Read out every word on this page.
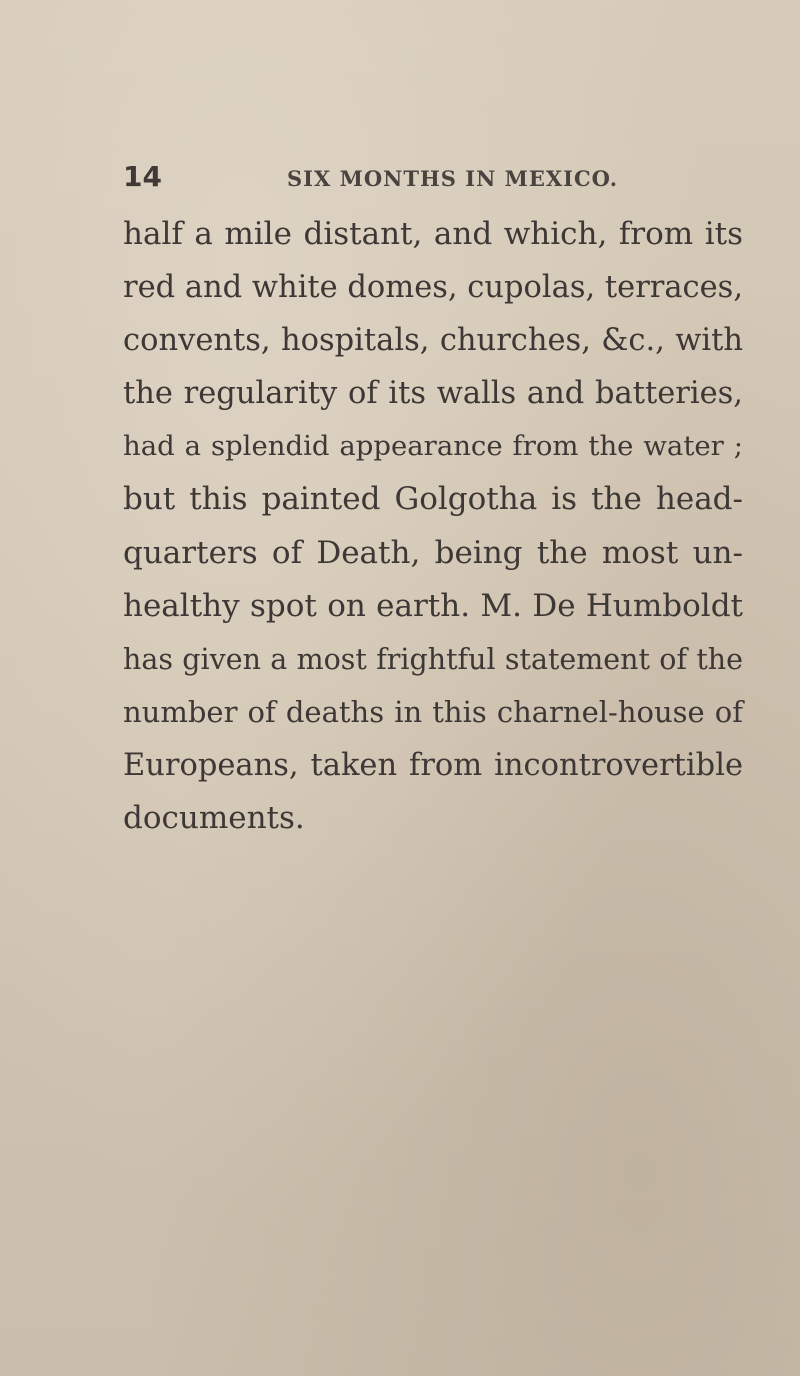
14	SIX MONTHS IN MEXICO.
half a mile distant, and which, from its
red and white domes, cupolas, terraces,
convents, hospitals, churches, &c., with
the regularity of its walls and batteries,
had a splendid appearance from the water ;
but this painted Golgotha is the head-
quarters of Death, being the most un-
healthy spot on earth. M. De Humboldt
has given a most frightful statement of the
number of deaths in this charnel-house of
Europeans, taken from incontrovertible
documents.
